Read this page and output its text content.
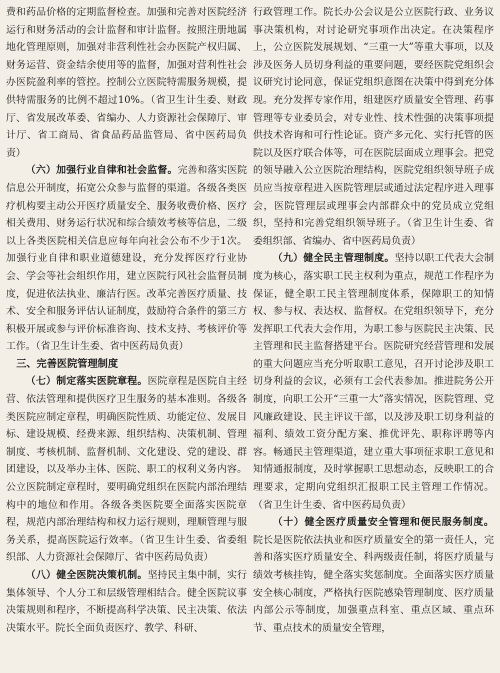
费和药品价格的定期监督检查。加强和完善对医院经济运行和财务活动的会计监督和审计监督。按照注册地属地化管理原则，加强对非营利性社会办医院产权归属、财务运营、资金结余使用等的监督，加强对营利性社会办医院盈利率的管控。控制公立医院特需服务规模，提供特需服务的比例不超过10%。（省卫生计生委、财政厅、省发展改革委、省编办、人力资源社会保障厅、审计厅、省工商局、省食品药品监管局、省中医药局负责）

（六）加强行业自律和社会监督。完善和落实医院信息公开制度，拓宽公众参与监督的渠道。各级各类医疗机构要主动公开医疗质量安全、服务收费价格、医疗相关费用、财务运行状况和综合绩效考核等信息，二级以上各类医院相关信息应每年向社会公布不少于1次。加强行业自律和职业道德建设，充分发挥医疗行业协会、学会等社会组织作用，建立医院行风社会监督员制度，促进依法执业、廉洁行医。改革完善医疗质量、技术、安全和服务评估认证制度，鼓励符合条件的第三方积极开展或参与评价标准咨询、技术支持、考核评价等工作。（省卫生计生委、省中医药局负责）

三、完善医院管理制度

（七）制定落实医院章程。医院章程是医院自主经营、依法管理和提供医疗卫生服务的基本准则。各级各类医院应制定章程，明确医院性质、功能定位、发展目标、建设规模、经费来源、组织结构、决策机制、管理制度、考核机制、监督机制、文化建设、党的建设、群团建设，以及举办主体、医院、职工的权利义务内容。公立医院制定章程时，要明确党组织在医院内部治理结构中的地位和作用。各级各类医院要全面落实医院章程，规范内部治理结构和权力运行规则，理顺管理与服务关系，提高医院运行效率。（省卫生计生委、省委组织部、人力资源社会保障厅、省中医药局负责）

（八）健全医院决策机制。坚持民主集中制，实行集体领导、个人分工和层级管理相结合。健全医院议事决策规则和程序，不断提高科学决策、民主决策、依法决策水平。院长全面负责医疗、教学、科研、

行政管理工作。院长办公会议是公立医院行政、业务议事决策机构，对讨论研究事项作出决定。在决策程序上，公立医院发展规划、“三重一大”等重大事项，以及涉及医务人员切身利益的重要问题，要经医院党组织会议研究讨论同意，保证党组织意图在决策中得到充分体现。充分发挥专家作用，组建医疗质量安全管理、药事管理等专业委员会，对专业性、技术性强的决策事项提供技术咨询和可行性论证。资产多元化、实行托管的医院以及医疗联合体等，可在医院层面成立理事会。把党的领导融入公立医院治理结构，医院党组织领导班子成员应当按章程进入医院管理层或通过法定程序进入理事会，医院管理层或理事会内部群众中的党员成立党组织，坚持和完善党组织领导班子。（省卫生计生委、省委组织部、省编办、省中医药局负责）

（九）健全民主管理制度。坚持以职工代表大会制度为核心，落实职工民主权利为重点，规范工作程序为保证，健全职工民主管理制度体系，保障职工的知情权、参与权、表达权、监督权。在党组织领导下，充分发挥职工代表大会作用，为职工参与医院民主决策、民主管理和民主监督搭建平台。医院研究经营管理和发展的重大问题应当充分听取职工意见，召开讨论涉及职工切身利益的会议，必须有工会代表参加。推进院务公开制度，向职工公开“三重一大”落实情况，医院管理、党风廉政建设、民主评议干部，以及涉及职工切身利益的福利、绩效工资分配方案、推优评先、职称评聘等内容。畅通民主管理渠道，建立重大事项征求职工意见和知情通报制度，及时掌握职工思想动态，反映职工的合理要求，定期向党组织汇报职工民主管理工作情况。（省卫生计生委、省中医药局负责）

（十）健全医疗质量安全管理和便民服务制度。院长是医院依法执业和医疗质量安全的第一责任人，完善和落实医疗质量安全、科两级责任制，将医疗质量与绩效考核挂钩，健全落实奖惩制度。全面落实医疗质量安全核心制度，严格执行医院感染管理制度、医疗质量内部公示等制度，加强重点科室、重点区域、重点环节、重点技术的质量安全管理，
